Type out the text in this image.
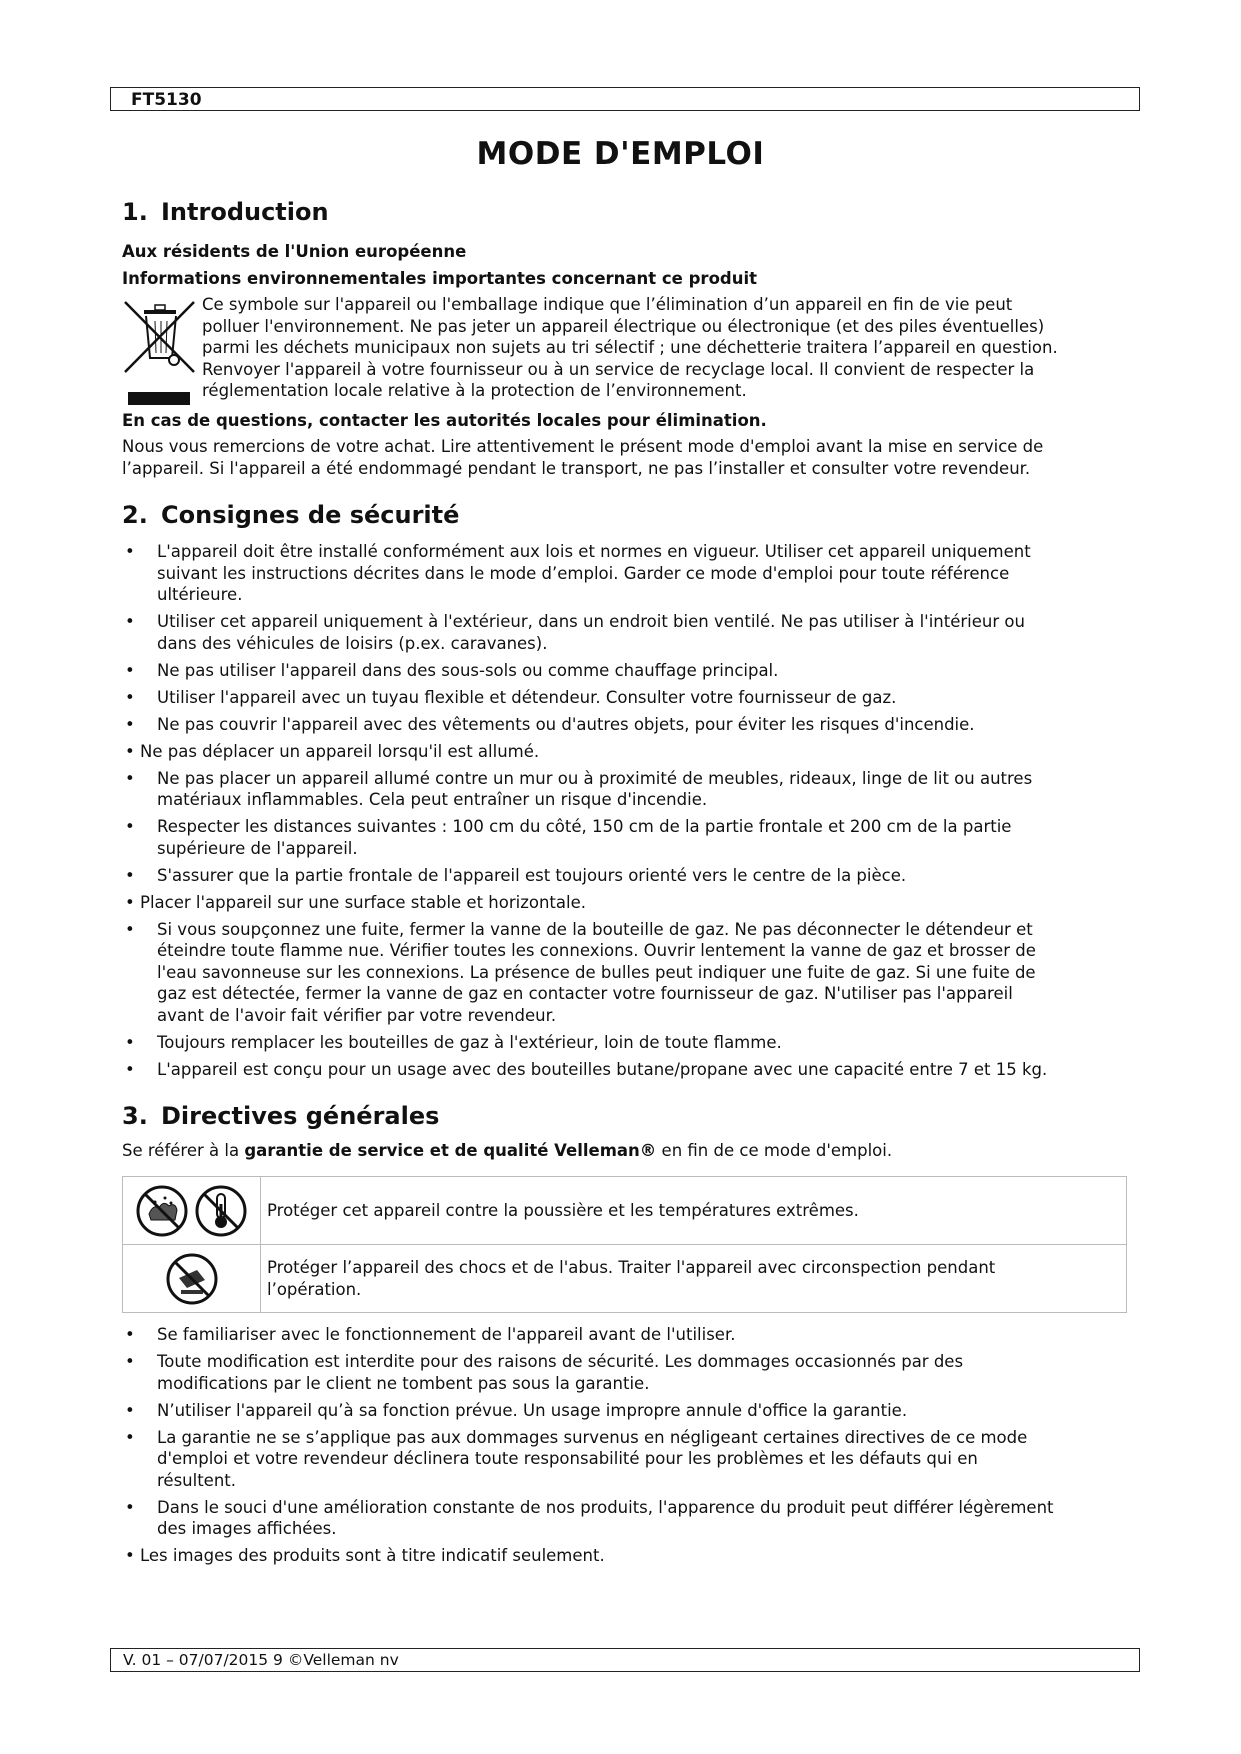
FT5130
MODE D'EMPLOI
1. Introduction

Aux résidents de l'Union européenne

Informations environnementales importantes concernant ce produit

Ce symbole sur l'appareil ou l'emballage indique que l’élimination d’un appareil en fin de vie peut
polluer l'environnement. Ne pas jeter un appareil électrique ou électronique (et des piles éventuelles)
parmi les déchets municipaux non sujets au tri sélectif ; une déchetterie traitera l’appareil en question.
Renvoyer l'appareil à votre fournisseur ou à un service de recyclage local. Il convient de respecter la
réglementation locale relative à la protection de l’environnement.

En cas de questions, contacter les autorités locales pour élimination.

Nous vous remercions de votre achat. Lire attentivement le présent mode d'emploi avant la mise en service de
l’appareil. Si l'appareil a été endommagé pendant le transport, ne pas l’installer et consulter votre revendeur.

2. Consignes de sécurité
• L'appareil doit être installé conformément aux lois et normes en vigueur. Utiliser cet appareil uniquement
suivant les instructions décrites dans le mode d’emploi. Garder ce mode d'emploi pour toute référence
ultérieure.
• Utiliser cet appareil uniquement à l'extérieur, dans un endroit bien ventilé. Ne pas utiliser à l'intérieur ou
dans des véhicules de loisirs (p.ex. caravanes).
• Ne pas utiliser l'appareil dans des sous-sols ou comme chauffage principal.
• Utiliser l'appareil avec un tuyau flexible et détendeur. Consulter votre fournisseur de gaz.
• Ne pas couvrir l'appareil avec des vêtements ou d'autres objets, pour éviter les risques d'incendie.
• Ne pas déplacer un appareil lorsqu'il est allumé.
• Ne pas placer un appareil allumé contre un mur ou à proximité de meubles, rideaux, linge de lit ou autres
matériaux inflammables. Cela peut entraîner un risque d'incendie.
• Respecter les distances suivantes : 100 cm du côté, 150 cm de la partie frontale et 200 cm de la partie
supérieure de l'appareil.
• S'assurer que la partie frontale de l'appareil est toujours orienté vers le centre de la pièce.
• Placer l'appareil sur une surface stable et horizontale.
• Si vous soupçonnez une fuite, fermer la vanne de la bouteille de gaz. Ne pas déconnecter le détendeur et
éteindre toute flamme nue. Vérifier toutes les connexions. Ouvrir lentement la vanne de gaz et brosser de
l'eau savonneuse sur les connexions. La présence de bulles peut indiquer une fuite de gaz. Si une fuite de
gaz est détectée, fermer la vanne de gaz en contacter votre fournisseur de gaz. N'utiliser pas l'appareil
avant de l'avoir fait vérifier par votre revendeur.
• Toujours remplacer les bouteilles de gaz à l'extérieur, loin de toute flamme.
• L'appareil est conçu pour un usage avec des bouteilles butane/propane avec une capacité entre 7 et 15 kg.
3. Directives générales

Se référer à la garantie de service et de qualité Velleman® en fin de ce mode d'emploi.

	Protéger cet appareil contre la poussière et les températures extrêmes.

Protéger l’appareil des chocs et de l'abus. Traiter l'appareil avec circonspection pendant
l’opération.
• Se familiariser avec le fonctionnement de l'appareil avant de l'utiliser.
• Toute modification est interdite pour des raisons de sécurité. Les dommages occasionnés par des
modifications par le client ne tombent pas sous la garantie.
• N’utiliser l'appareil qu’à sa fonction prévue. Un usage impropre annule d'office la garantie.
• La garantie ne se s’applique pas aux dommages survenus en négligeant certaines directives de ce mode
d'emploi et votre revendeur déclinera toute responsabilité pour les problèmes et les défauts qui en
résultent.
• Dans le souci d'une amélioration constante de nos produits, l'apparence du produit peut différer légèrement
des images affichées.
• Les images des produits sont à titre indicatif seulement.
V. 01 – 07/07/2015 9 ©Velleman nv
